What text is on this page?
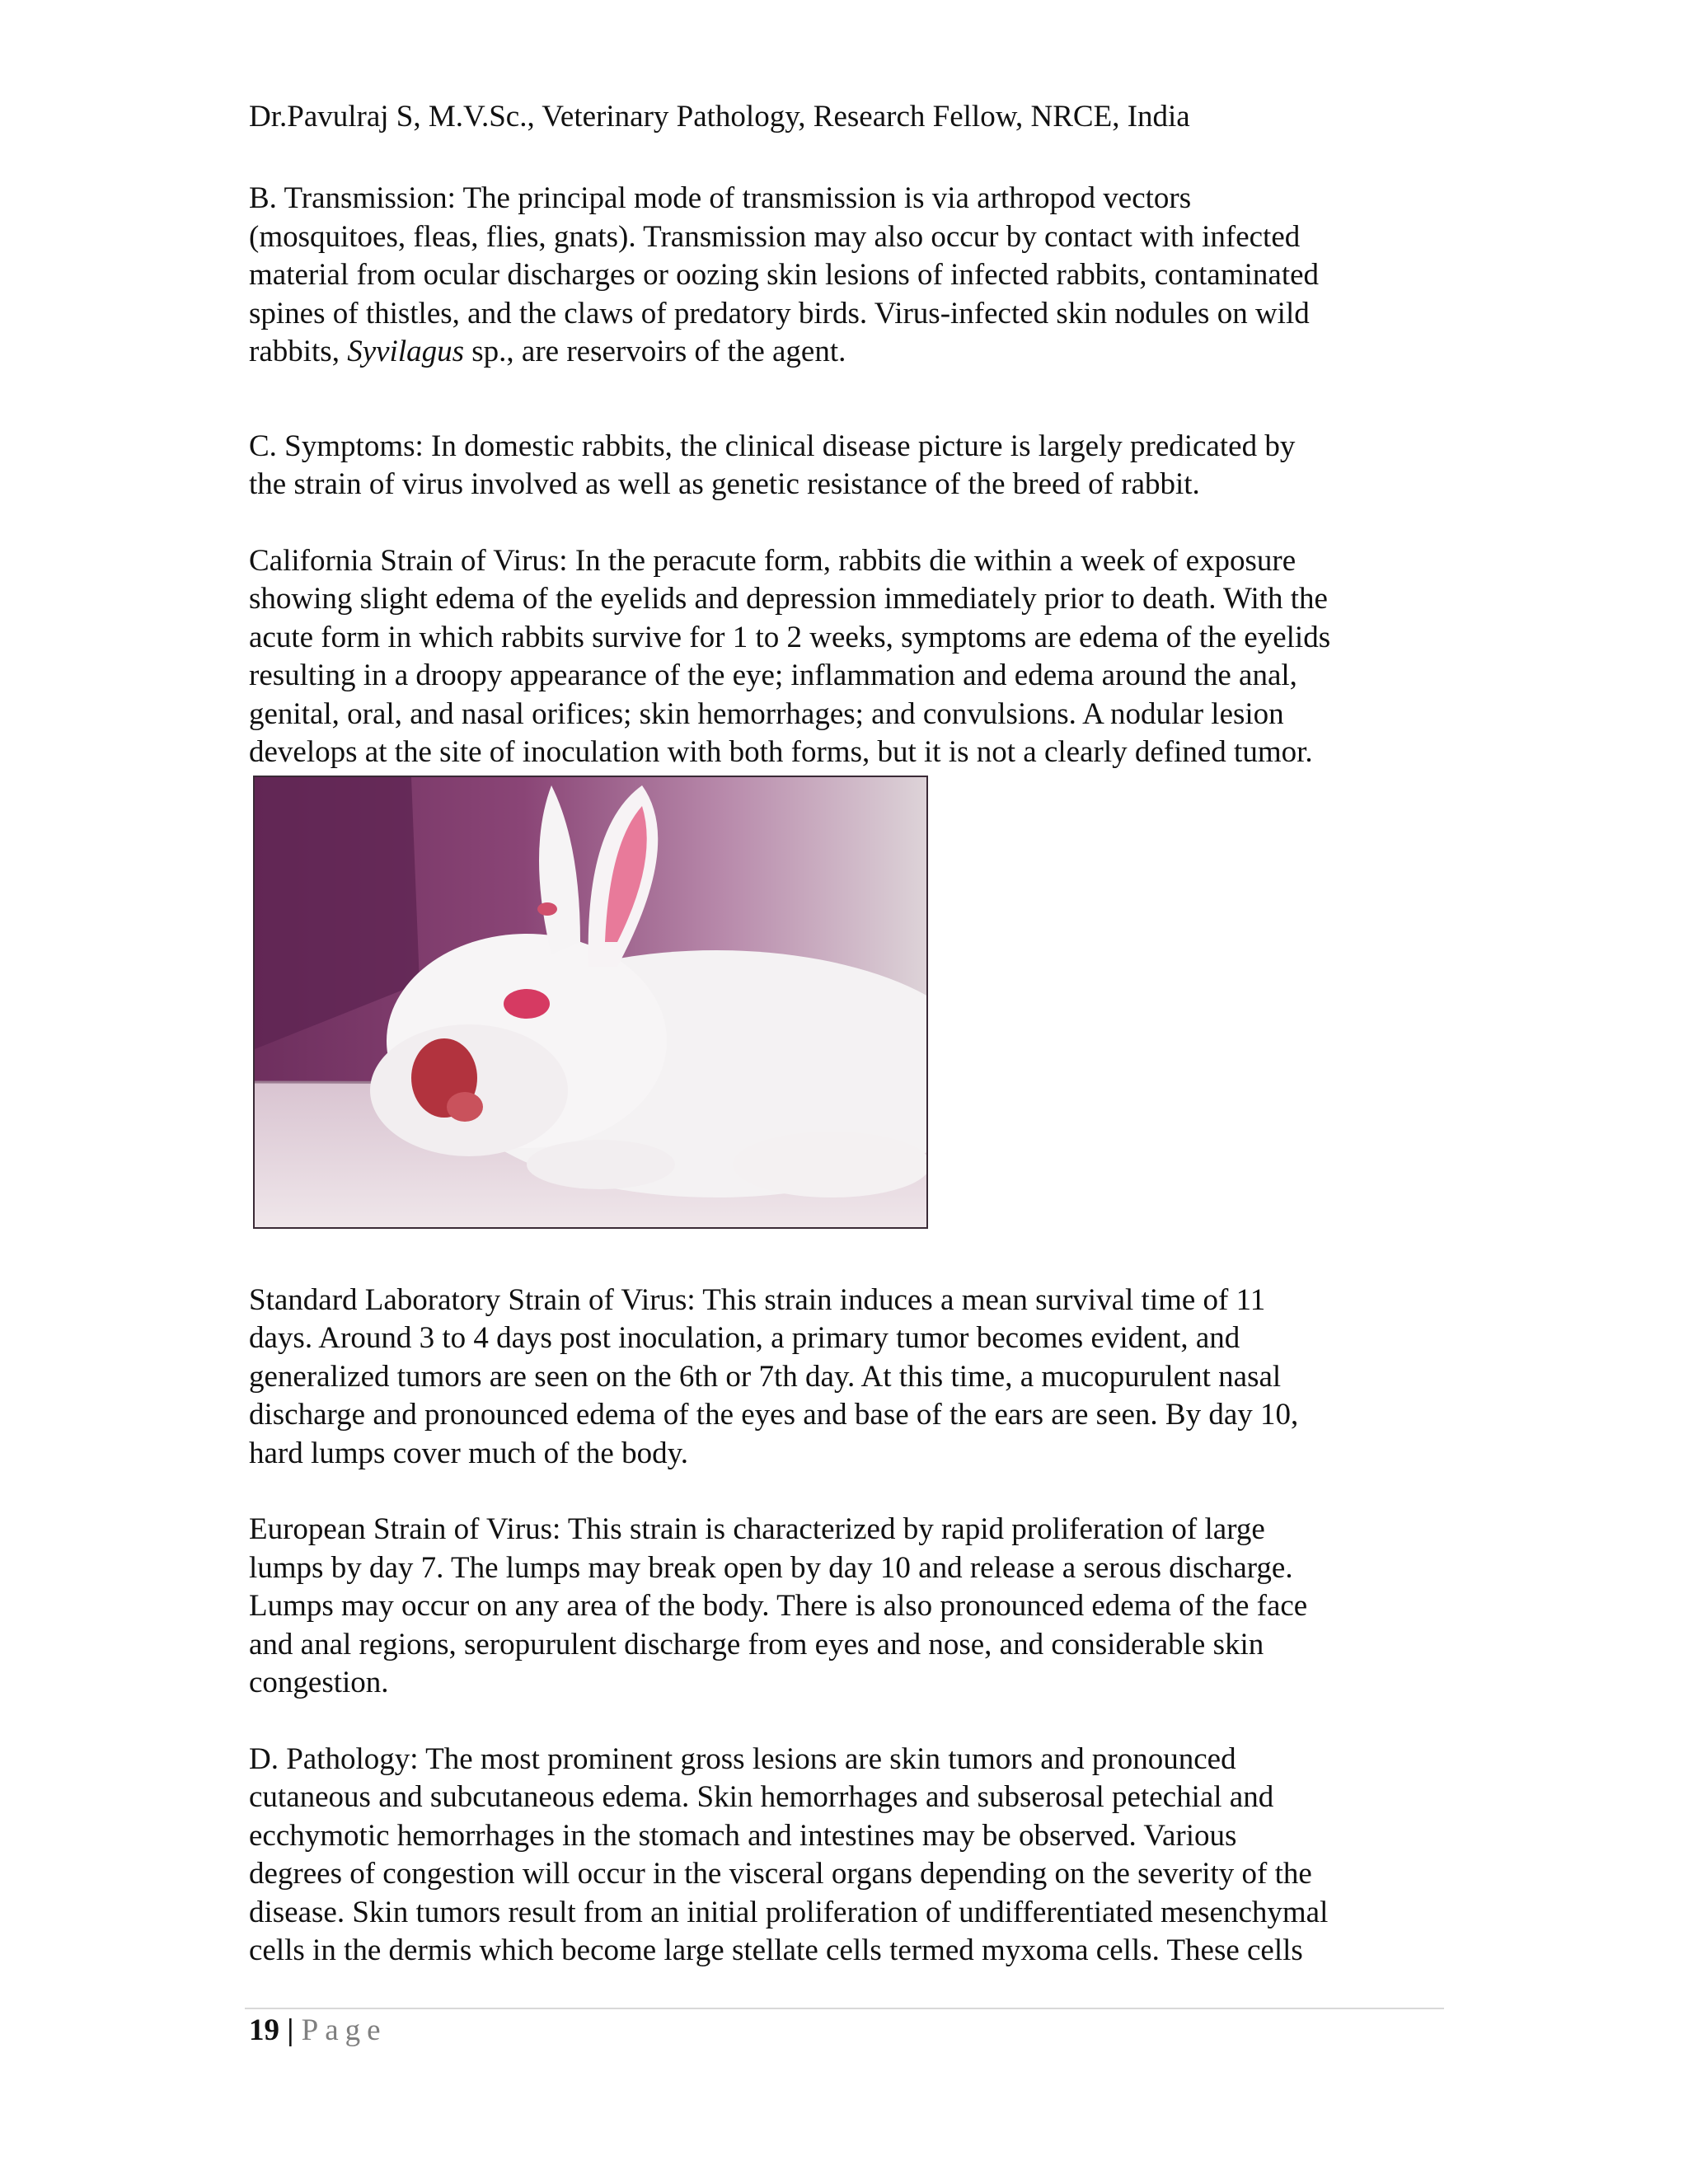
Dr.Pavulraj S, M.V.Sc., Veterinary Pathology, Research Fellow, NRCE, India
B. Transmission: The principal mode of transmission is via arthropod vectors
(mosquitoes, fleas, flies, gnats). Transmission may also occur by contact with infected
material from ocular discharges or oozing skin lesions of infected rabbits, contaminated
spines of thistles, and the claws of predatory birds. Virus-infected skin nodules on wild
rabbits, Syvilagus sp., are reservoirs of the agent.
C. Symptoms: In domestic rabbits, the clinical disease picture is largely predicated by
the strain of virus involved as well as genetic resistance of the breed of rabbit.
California Strain of Virus: In the peracute form, rabbits die within a week of exposure
showing slight edema of the eyelids and depression immediately prior to death. With the
acute form in which rabbits survive for 1 to 2 weeks, symptoms are edema of the eyelids
resulting in a droopy appearance of the eye; inflammation and edema around the anal,
genital, oral, and nasal orifices; skin hemorrhages; and convulsions. A nodular lesion
develops at the site of inoculation with both forms, but it is not a clearly defined tumor.
Standard Laboratory Strain of Virus: This strain induces a mean survival time of 11
days. Around 3 to 4 days post inoculation, a primary tumor becomes evident, and
generalized tumors are seen on the 6th or 7th day. At this time, a mucopurulent nasal
discharge and pronounced edema of the eyes and base of the ears are seen. By day 10,
hard lumps cover much of the body.
European Strain of Virus: This strain is characterized by rapid proliferation of large
lumps by day 7. The lumps may break open by day 10 and release a serous discharge.
Lumps may occur on any area of the body. There is also pronounced edema of the face
and anal regions, seropurulent discharge from eyes and nose, and considerable skin
congestion.
D. Pathology: The most prominent gross lesions are skin tumors and pronounced
cutaneous and subcutaneous edema. Skin hemorrhages and subserosal petechial and
ecchymotic hemorrhages in the stomach and intestines may be observed. Various
degrees of congestion will occur in the visceral organs depending on the severity of the
disease. Skin tumors result from an initial proliferation of undifferentiated mesenchymal
cells in the dermis which become large stellate cells termed myxoma cells. These cells
19 | Page
